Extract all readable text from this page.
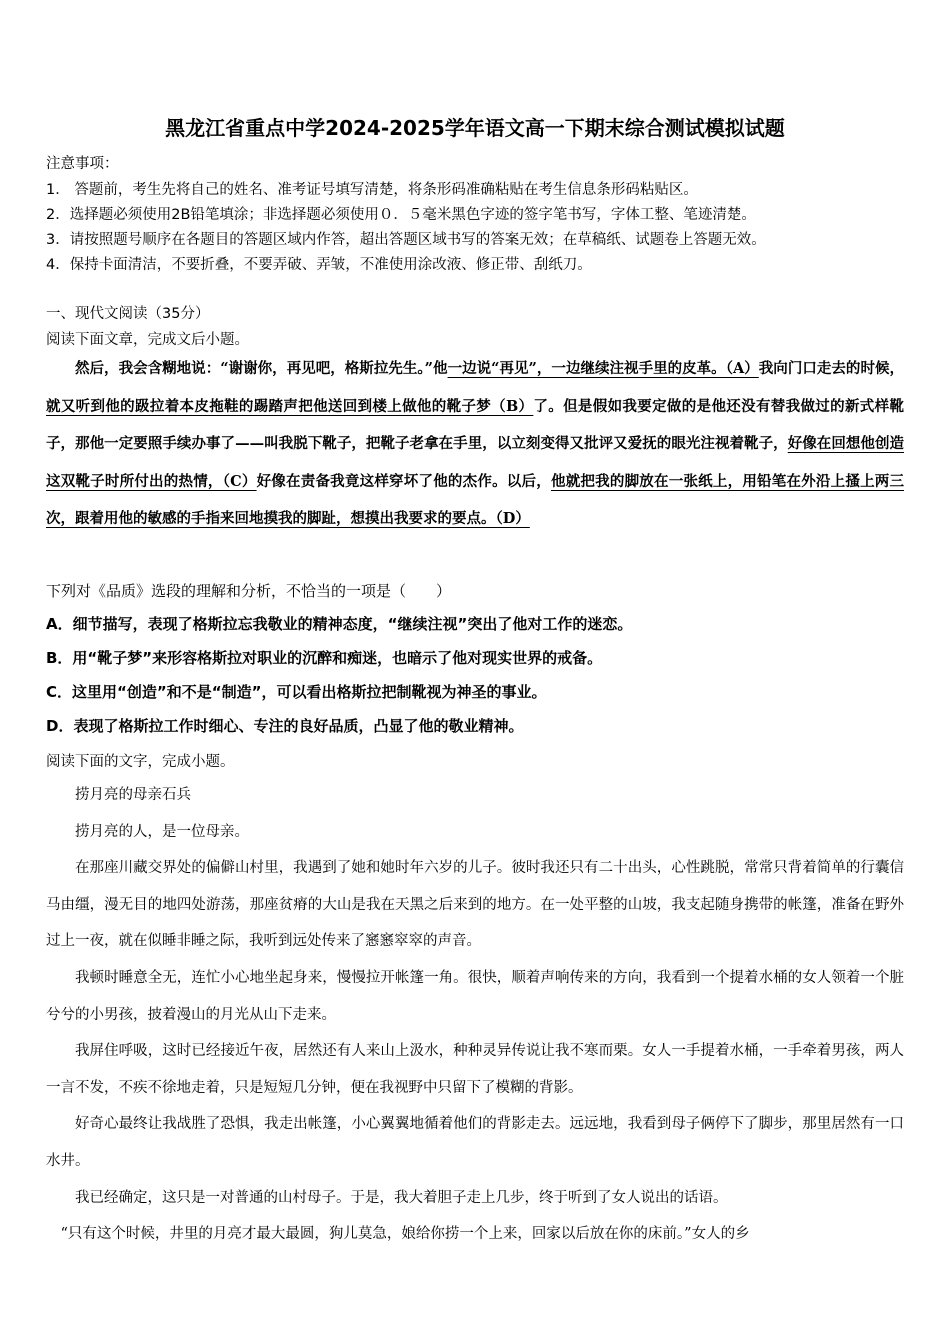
黑龙江省重点中学2024-2025学年语文高一下期末综合测试模拟试题
注意事项：
1． 答题前，考生先将自己的姓名、准考证号填写清楚，将条形码准确粘贴在考生信息条形码粘贴区。
2．选择题必须使用2B铅笔填涂；非选择题必须使用０．５毫米黑色字迹的签字笔书写，字体工整、笔迹清楚。
3．请按照题号顺序在各题目的答题区域内作答，超出答题区域书写的答案无效；在草稿纸、试题卷上答题无效。
4．保持卡面清洁，不要折叠，不要弄破、弄皱，不准使用涂改液、修正带、刮纸刀。
一、现代文阅读（35分）
阅读下面文章，完成文后小题。

然后，我会含糊地说：“谢谢你，再见吧，格斯拉先生。”他一边说“再见”，一边继续注视手里的皮革。（A）我向门口走去的时候，就又听到他的趿拉着本皮拖鞋的踢踏声把他送回到楼上做他的靴子梦（B）了。但是假如我要定做的是他还没有替我做过的新式样靴子，那他一定要照手续办事了——叫我脱下靴子，把靴子老拿在手里，以立刻变得又批评又爱抚的眼光注视着靴子，好像在回想他创造这双靴子时所付出的热情，（C）好像在责备我竟这样穿坏了他的杰作。以后，他就把我的脚放在一张纸上，用铅笔在外沿上搔上两三次，跟着用他的敏感的手指来回地摸我的脚趾，想摸出我要求的要点。（D）

下列对《品质》选段的理解和分析，不恰当的一项是（　　）
A．细节描写，表现了格斯拉忘我敬业的精神态度，“继续注视”突出了他对工作的迷恋。
B．用“靴子梦”来形容格斯拉对职业的沉醉和痴迷，也暗示了他对现实世界的戒备。
C．这里用“创造”和不是“制造”，可以看出格斯拉把制靴视为神圣的事业。
D．表现了格斯拉工作时细心、专注的良好品质，凸显了他的敬业精神。
阅读下面的文字，完成小题。

捞月亮的母亲石兵

捞月亮的人，是一位母亲。

在那座川藏交界处的偏僻山村里，我遇到了她和她时年六岁的儿子。彼时我还只有二十出头，心性跳脱，常常只背着简单的行囊信马由缰，漫无目的地四处游荡，那座贫瘠的大山是我在天黑之后来到的地方。在一处平整的山坡，我支起随身携带的帐篷，准备在野外过上一夜，就在似睡非睡之际，我听到远处传来了窸窸窣窣的声音。

我顿时睡意全无，连忙小心地坐起身来，慢慢拉开帐篷一角。很快，顺着声响传来的方向，我看到一个提着水桶的女人领着一个脏兮兮的小男孩，披着漫山的月光从山下走来。

我屏住呼吸，这时已经接近午夜，居然还有人来山上汲水，种种灵异传说让我不寒而栗。女人一手提着水桶，一手牵着男孩，两人一言不发，不疾不徐地走着，只是短短几分钟，便在我视野中只留下了模糊的背影。

好奇心最终让我战胜了恐惧，我走出帐篷，小心翼翼地循着他们的背影走去。远远地，我看到母子俩停下了脚步，那里居然有一口水井。

我已经确定，这只是一对普通的山村母子。于是，我大着胆子走上几步，终于听到了女人说出的话语。

“只有这个时候，井里的月亮才最大最圆，狗儿莫急，娘给你捞一个上来，回家以后放在你的床前。”女人的乡
